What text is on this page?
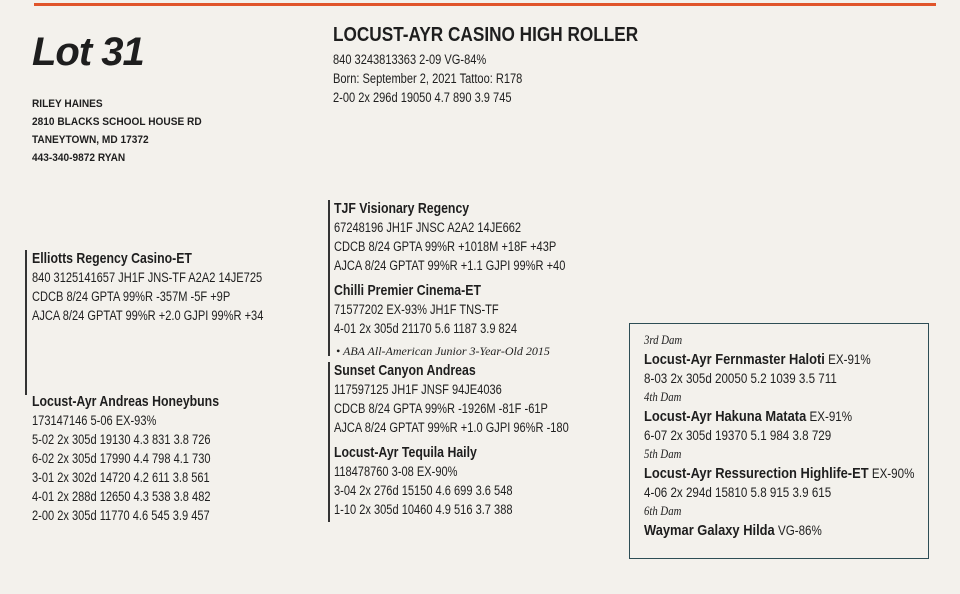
Lot 31
RILEY HAINES
2810 BLACKS SCHOOL HOUSE RD
TANEYTOWN, MD 17372
443-340-9872 RYAN
LOCUST-AYR CASINO HIGH ROLLER
840 3243813363 2-09 VG-84%
Born: September 2, 2021 Tattoo: R178
2-00 2x 296d 19050 4.7 890 3.9 745
Elliotts Regency Casino-ET
840 3125141657 JH1F JNS-TF A2A2 14JE725
CDCB 8/24 GPTA 99%R -357M -5F +9P
AJCA 8/24 GPTAT 99%R +2.0 GJPI 99%R +34
TJF Visionary Regency
67248196 JH1F JNSC A2A2 14JE662
CDCB 8/24 GPTA 99%R +1018M +18F +43P
AJCA 8/24 GPTAT 99%R +1.1 GJPI 99%R +40
Chilli Premier Cinema-ET
71577202 EX-93% JH1F TNS-TF
4-01 2x 305d 21170 5.6 1187 3.9 824
• ABA All-American Junior 3-Year-Old 2015
Locust-Ayr Andreas Honeybuns
173147146 5-06 EX-93%
5-02 2x 305d 19130 4.3 831 3.8 726
6-02 2x 305d 17990 4.4 798 4.1 730
3-01 2x 302d 14720 4.2 611 3.8 561
4-01 2x 288d 12650 4.3 538 3.8 482
2-00 2x 305d 11770 4.6 545 3.9 457
Sunset Canyon Andreas
117597125 JH1F JNSF 94JE4036
CDCB 8/24 GPTA 99%R -1926M -81F -61P
AJCA 8/24 GPTAT 99%R +1.0 GJPI 96%R -180
Locust-Ayr Tequila Haily
118478760 3-08 EX-90%
3-04 2x 276d 15150 4.6 699 3.6 548
1-10 2x 305d 10460 4.9 516 3.7 388
3rd Dam
Locust-Ayr Fernmaster Haloti EX-91%
8-03 2x 305d 20050 5.2 1039 3.5 711
4th Dam
Locust-Ayr Hakuna Matata EX-91%
6-07 2x 305d 19370 5.1 984 3.8 729
5th Dam
Locust-Ayr Ressurection Highlife-ET EX-90%
4-06 2x 294d 15810 5.8 915 3.9 615
6th Dam
Waymar Galaxy Hilda VG-86%
